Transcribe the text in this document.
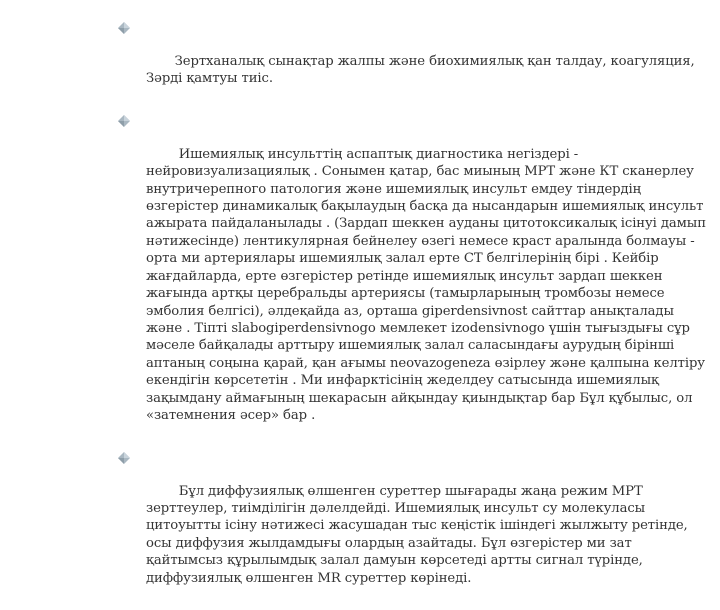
Зертханалық сынақтар жалпы және биохимиялық қан талдау, коагуляция, Зәрді қамтуы тиіс.

Ишемиялық инсульттің аспаптық диагностика негіздері - нейровизуализациялық . Сонымен қатар, бас миының МРТ және КТ сканерлеу внутричерепного патология және ишемиялық инсульт емдеу тіндердің өзгерістер динамикалық бақылаудың басқа да нысандарын ишемиялық инсульт ажырата пайдаланылады . (Зардап шеккен ауданы цитотоксикалық ісінуі дамып нәтижесінде) лентикулярная бейнелеу өзегі немесе краст аралында болмауы - орта ми артериялары ишемиялық залал ерте CT белгілерінің бірі . Кейбір жағдайларда, ерте өзгерістер ретінде ишемиялық инсульт зардап шеккен жағында артқы церебральды артериясы (тамырларының тромбозы немесе эмболия белгісі), әлдеқайда аз, орташа giperdensivnost сайттар анықталады және . Тіпті slabogiperdensivnogo мемлекет izodensivnogo үшін тығыздығы сұр мәселе байқалады арттыру ишемиялық залал саласындағы аурудың бірінші аптаның соңына қарай, қан ағымы neovazogeneza өзірлеу және қалпына келтіру екендігін көрсететін . Ми инфарктісінің жеделдеу сатысында ишемиялық зақымдану аймағының шекарасын айқындау қиындықтар бар Бұл құбылыс, ол «затемнения әсер» бар .

Бұл диффузиялық өлшенген суреттер шығарады жаңа режим МРТ зерттеулер, тиімділігін дәлелдейді. Ишемиялық инсульт су молекуласы цитоуытты ісіну нәтижесі жасушадан тыс кеңістік ішіндегі жылжыту ретінде, осы диффузия жылдамдығы олардың азайтады. Бұл өзгерістер ми зат қайтымсыз құрылымдық залал дамуын көрсетеді артты сигнал түрінде, диффузиялық өлшенген MR суреттер көрінеді.
